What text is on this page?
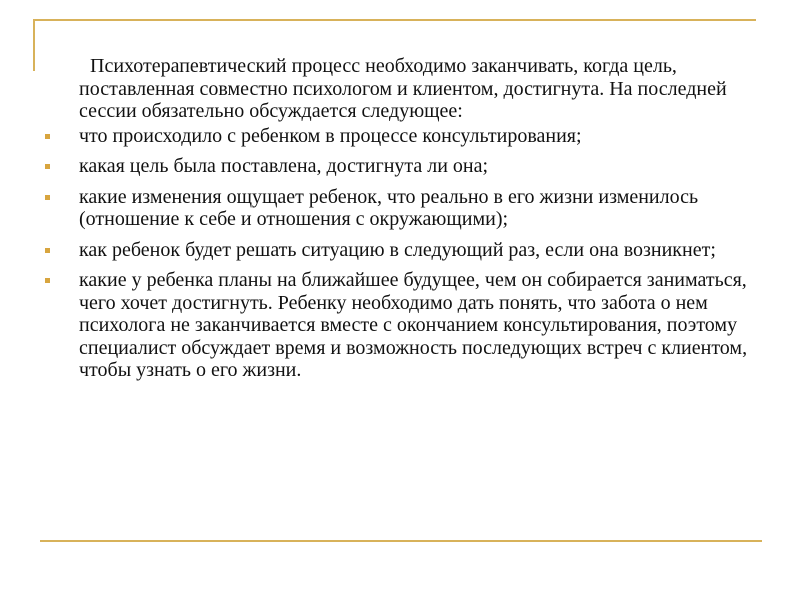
Психотерапевтический процесс необходимо заканчивать, когда цель, поставленная совместно психологом и клиентом, достигнута. На последней сессии обязательно обсуждается следующее:

что происходило с ребенком в процессе консультирования;
какая цель была поставлена, достигнута ли она;
какие изменения ощущает ребенок, что реально в его жизни изменилось (отношение к себе и отношения с окружающими);
как ребенок будет решать ситуацию в следующий раз, если она возникнет;
какие у ребенка планы на ближайшее будущее, чем он собирается заниматься, чего хочет достигнуть. Ребенку необходимо дать понять, что забота о нем психолога не заканчивается вместе с окончанием консультирования, поэтому специалист обсуждает время и возможность последующих встреч с клиентом, чтобы узнать о его жизни.
